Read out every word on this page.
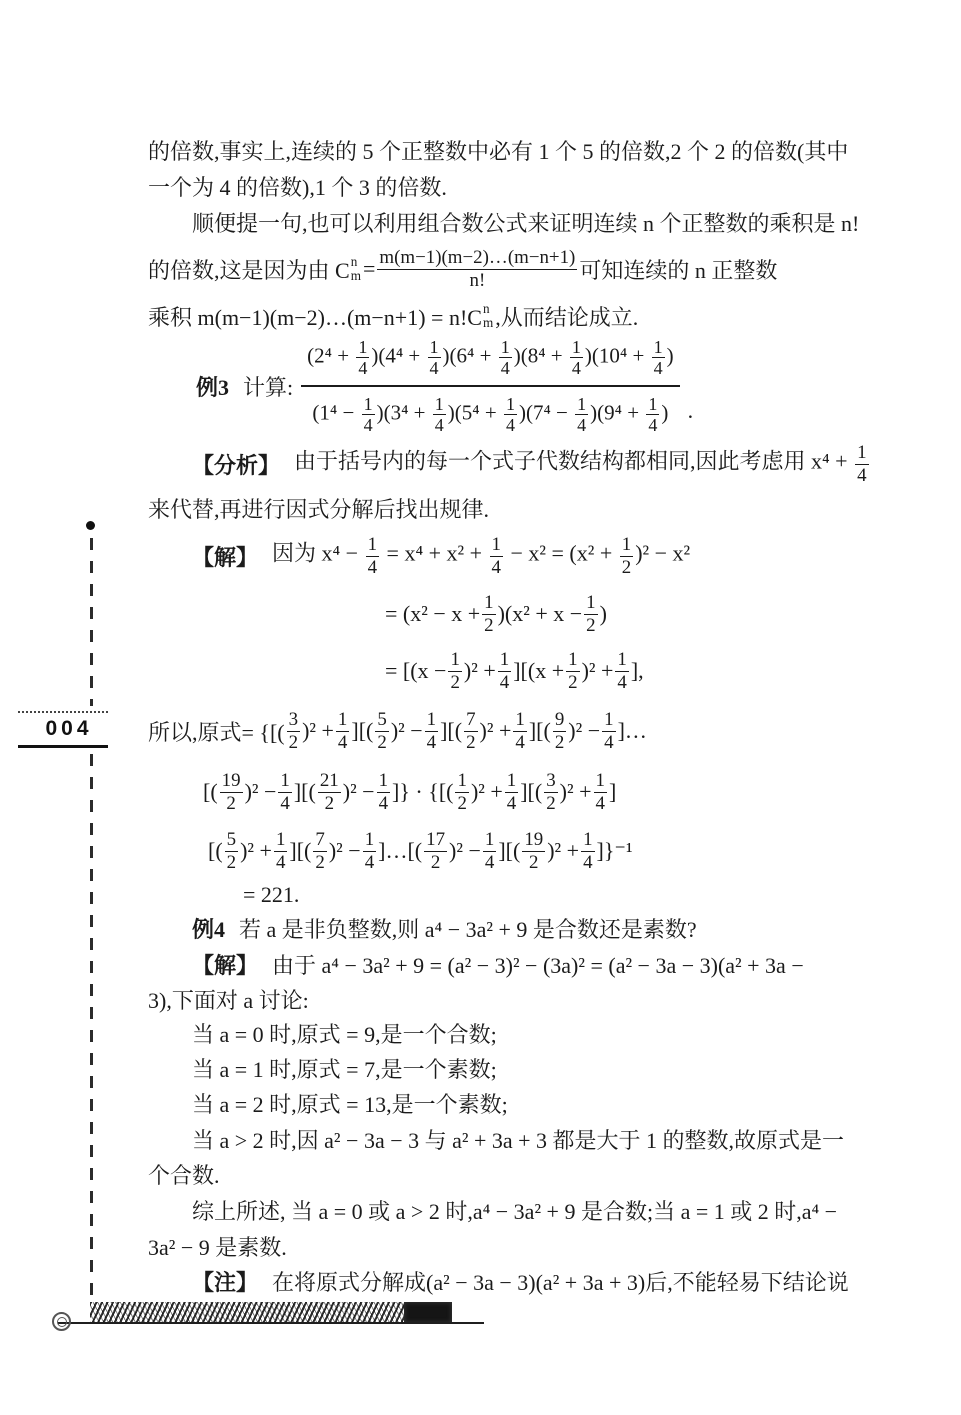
004
的倍数,事实上,连续的 5 个正整数中必有 1 个 5 的倍数,2 个 2 的倍数(其中
一个为 4 的倍数),1 个 3 的倍数.
顺便提一句,也可以利用组合数公式来证明连续 n 个正整数的乘积是 n!
的倍数,这是因为由 C n
m = m(m−1)(m−2)…(m−n+1)
n!	可知连续的 n 正整数
乘积 m(m−1)(m−2)…(m−n+1) = n!C n
m ,从而结论成立.
例3 计算: $\frac{(2^4 + \frac{1}{4} )(4^4 + \frac{1}{4} )(6^4 + \frac{1}{4} )(8^4 + \frac{1}{4} )(10^4 + \frac{1}{4} )}{(1^4 - \frac{1}{4} )(3^4 + \frac{1}{4} )(5^4 + \frac{1}{4} )(7^4 - \frac{1}{4} )(9^4 + \frac{1}{4} )}$ .
【分析】 由于括号内的每一个式子代数结构都相同,因此考虑用 $x^4 + \frac{1}{4}$
来代替,再进行因式分解后找出规律.
【解】 因为 $x^4 - \frac{1}{4} = x^4 + x^2 + \frac{1}{4} - x^2 = (x^2 + \frac{1}{2} )^2 - x^2$
= (x² − x + 1
2 )(x² + x − 1
2 )
= [(x − 1
2 )² + 1
4 ][(x + 1
2 )² + 1
4 ],
所以,原式= {[( 3
2 )² + 1
4 ][( 5
2 )² − 1
4 ][( 7
2 )² + 1
4 ][( 9
2 )² − 1
4 ]…
[( 19
2 )² − 1
4 ][( 21
2 )² − 1
4 ]} · {[( 1
2 )² + 1
4 ][( 3
2 )² + 1
4 ]
[( 5
2 )² + 1
4 ][( 7
2 )² − 1
4 ]…[( 17
2 )² − 1
4 ][( 19
2 )² + 1
4 ]}⁻¹
= 221.
例4 若 a 是非负整数,则 a⁴ − 3a² + 9 是合数还是素数?
【解】 由于 a⁴ − 3a² + 9 = (a² − 3)² − (3a)² = (a² − 3a − 3)(a² + 3a −
3),下面对 a 讨论:
当 a = 0 时,原式 = 9,是一个合数;
当 a = 1 时,原式 = 7,是一个素数;
当 a = 2 时,原式 = 13,是一个素数;
当 a > 2 时,因 a² − 3a − 3 与 a² + 3a + 3 都是大于 1 的整数,故原式是一
个合数.
综上所述, 当 a = 0 或 a > 2 时,a⁴ − 3a² + 9 是合数;当 a = 1 或 2 时,a⁴ −
3a² − 9 是素数.
【注】 在将原式分解成(a² − 3a − 3)(a² + 3a + 3)后,不能轻易下结论说
